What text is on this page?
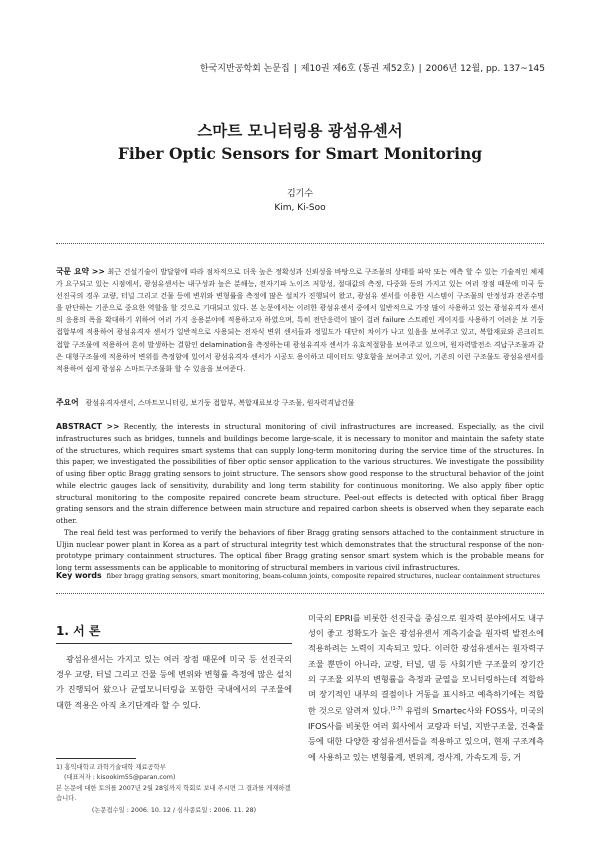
한국지반공학회 논문집 | 제10권 제6호 (통권 제52호) | 2006년 12월, pp. 137~145
스마트 모니터링용 광섬유센서
Fiber Optic Sensors for Smart Monitoring
김기수
Kim, Ki-Soo

국문 요약 >> 최근 건설기술이 발달함에 따라 점차적으로 더욱 높은 정확성과 신뢰성을 바탕으로 구조물의 상태를 파악 또는 예측 할 수 있는 기술적인 체제가 요구되고 있는 시점에서, 광섬유센서는 내구성과 높은 분해능, 전자기파 노이즈 저항성, 절대값의 측정, 다중화 등의 가지고 있는 여러 장점 때문에 미국 등 선진국의 경우 교량, 터널 그리고 건물 등에 변위와 변형률을 측정에 많은 설치가 진행되어 왔고, 광섬유 센서를 이용한 시스템이 구조물의 안정성과 잔존수명을 판단하는 기준으로 중요한 역할을 할 것으로 기대되고 있다. 본 논문에서는 이러한 광섬유센서 중에서 일반적으로 가장 많이 사용하고 있는 광섬유격자 센서의 응용의 폭을 확대하기 위하여 여러 가지 응용분야에 적용하고자 하였으며, 특히 전단응력이 많이 걸려 failure 스트레인 게이지를 사용하기 어려운 보 기둥 접합부에 적용하여 광섬유격자 센서가 일반적으로 사용되는 전자식 변위 센서들과 정밀도가 대단히 차이가 나고 있음을 보여주고 있고, 복합재료와 콘크리트 접합 구조물에 적용하여 흔히 발생하는 결함인 delamination을 측정하는데 광섬유격자 센서가 유효적절함을 보여주고 있으며, 원자력발전소 격납구조물과 같은 대형구조물에 적용하여 변위를 측정함에 있어서 광섬유격자 센서가 시공도 용이하고 데이터도 양호함을 보여주고 있어, 기존의 이런 구조물도 광섬유센서를 적용하여 쉽게 광섬유 스마트구조물화 할 수 있음을 보여준다.

주요어 광섬유격자센서, 스마트모니터링, 보기둥 접합부, 복합재료보강 구조물, 원자력격납건물

ABSTRACT >> Recently, the interests in structural monitoring of civil infrastructures are increased. Especially, as the civil infrastructures such as bridges, tunnels and buildings become large-scale, it is necessary to monitor and maintain the safety state of the structures, which requires smart systems that can supply long-term monitoring during the service time of the structures. In this paper, we investigated the possibilities of fiber optic sensor application to the various structures. We investigate the possibility of using fiber optic Bragg grating sensors to joint structure. The sensors show good response to the structural behavior of the joint while electric gauges lack of sensitivity, durability and long term stability for continuous monitoring. We also apply fiber optic structural monitoring to the composite repaired concrete beam structure. Peel-out effects is detected with optical fiber Bragg grating sensors and the strain difference between main structure and repaired carbon sheets is observed when they separate each other.

The real field test was performed to verify the behaviors of fiber Bragg grating sensors attached to the containment structure in Uljin nuclear power plant in Korea as a part of structural integrity test which demonstrates that the structural response of the non-prototype primary containment structures. The optical fiber Bragg grating sensor smart system which is the probable means for long term assessments can be applicable to monitoring of structural members in various civil infrastructures.

Key words fiber bragg grating sensors, smart monitoring, beam-column joints, composite repaired structures, nuclear containment structures
1. 서 론

광섬유센서는 가지고 있는 여러 장점 때문에 미국 등 선진국의 경우 교량, 터널 그리고 건물 등에 변위와 변형률 측정에 많은 설치가 진행되어 왔으나 균열모니터링을 포함한 국내에서의 구조물에 대한 적용은 아직 초기단계라 할 수 있다.

1) 홍익대학교 과학기술대학 재료공학부

(대표저자 : kisookim55@paran.com)

본 논문에 대한 토의를 2007년 2월 28일까지 학회로 보내 주시면 그 결과를 게재하겠습니다.

(논문접수일 : 2006. 10. 12 / 심사종료일 : 2006. 11. 28)

미국의 EPRI를 비롯한 선진국을 중심으로 원자력 분야에서도 내구성이 좋고 정확도가 높은 광섬유센서 계측기술을 원자력 발전소에 적용하려는 노력이 지속되고 있다. 이러한 광섬유센서는 원자력구조물 뿐만이 아니라, 교량, 터널, 댐 등 사회기반 구조물의 장기간의 구조물 외부의 변형률을 측정과 균열을 모니터링하는데 적합하며 장기적인 내부의 결점이나 거동을 표시하고 예측하기에는 적합한 것으로 알려져 있다.$^{(1-7)}$ 유럽의 Smartec사와 FOSS사, 미국의 IFOS사를 비롯한 여러 회사에서 교량과 터널, 지반구조물, 건축물 등에 대한 다양한 광섬유센서들을 적용하고 있으며, 현재 구조계측에 사용하고 있는 변형률계, 변위계, 경사계, 가속도계 등, 거
